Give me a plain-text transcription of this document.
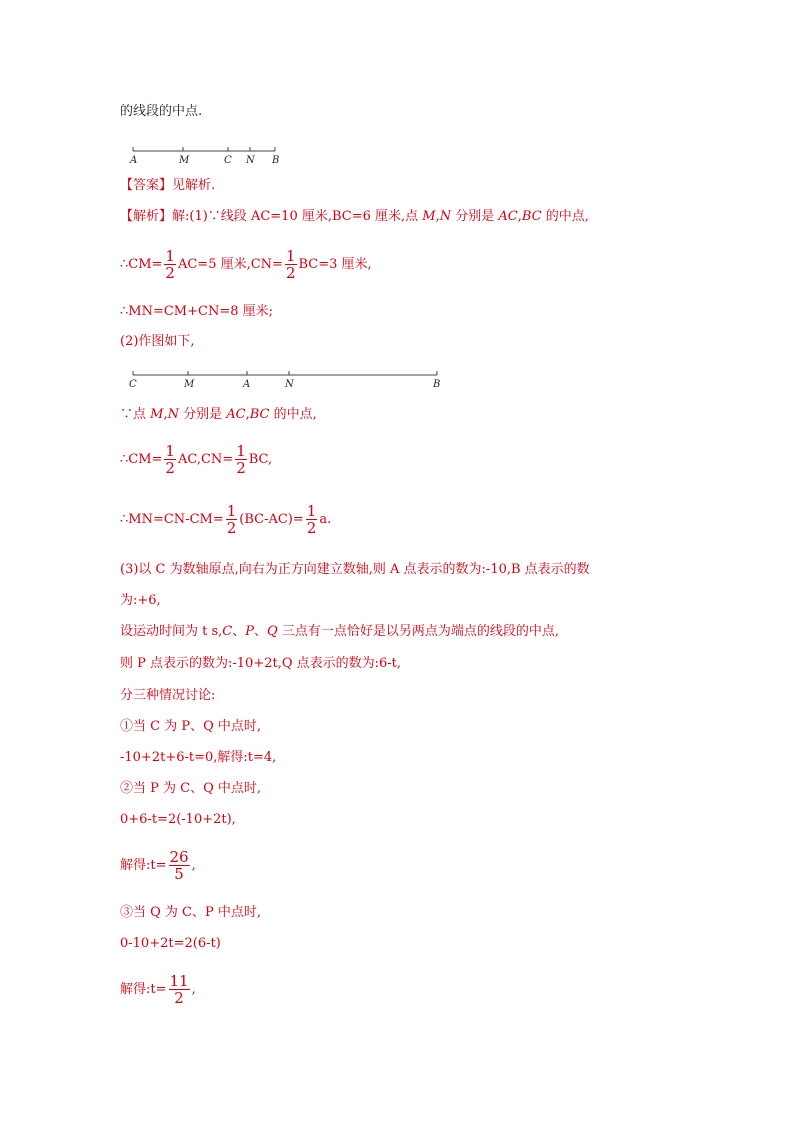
的线段的中点.
A	M	C N B
【答案】见解析.
【解析】解:(1)∵线段 AC=10 厘米,BC=6 厘米,点 M,N 分别是 AC,BC 的中点,
∴CM= $\frac{1}{2} AC=5$ 厘米$,CN= \frac{1}{2} BC=3$ 厘米,
∴MN=CM+CN=8 厘米;
(2)作图如下,
C	M	A	N	B
∵点 M,N 分别是 AC,BC 的中点,
∴CM= $\frac{1}{2} AC,CN= \frac{1}{2}$ BC,
∴MN=CN-CM= $\frac{1}{2} (BC-AC)= \frac{1}{2} a$.
(3)以 C 为数轴原点,向右为正方向建立数轴,则 A 点表示的数为:-10,B 点表示的数
为:+6,
设运动时间为 t s,C、P、Q 三点有一点恰好是以另两点为端点的线段的中点,
则 P 点表示的数为:-10+2t,Q 点表示的数为:6-t,
分三种情况讨论:
①当 C 为 P、Q 中点时,
-10+2t+6-t=0,解得:t=4,
②当 P 为 C、Q 中点时,
0+6-t=2(-10+2t),
解得:t= $\frac{26}{5}$ ,
③当 Q 为 C、P 中点时,
0-10+2t=2(6-t)
解得:t= $\frac{11}{2}$ ,
